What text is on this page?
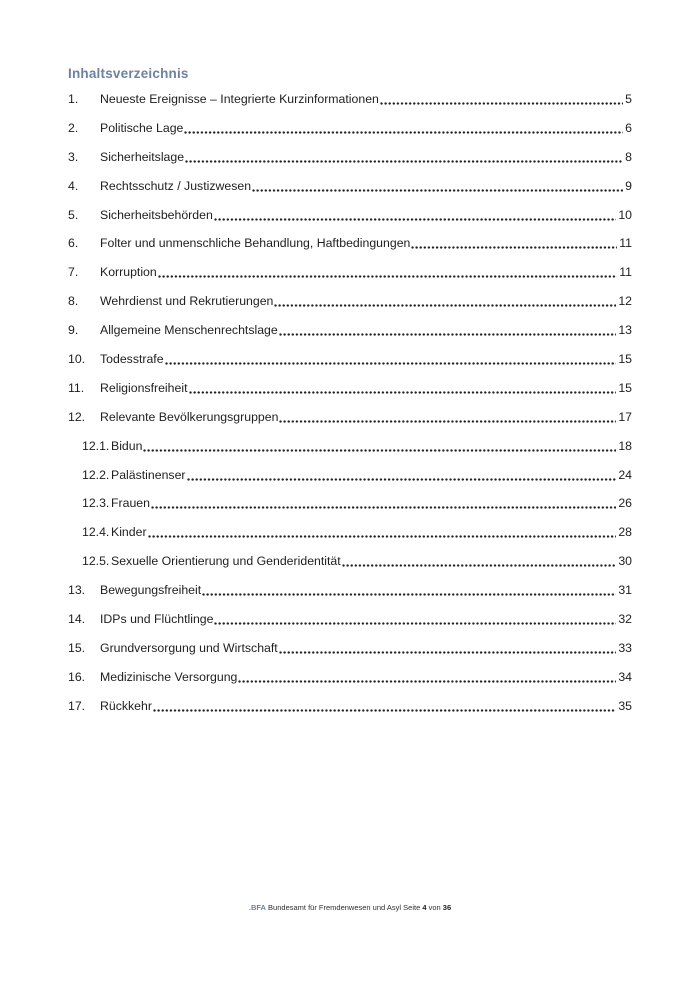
Inhaltsverzeichnis
1.	Neueste Ereignisse – Integrierte Kurzinformationen	5
2.	Politische Lage	6
3.	Sicherheitslage	8
4.	Rechtsschutz / Justizwesen	9
5.	Sicherheitsbehörden	10
6.	Folter und unmenschliche Behandlung, Haftbedingungen	11
7.	Korruption	11
8.	Wehrdienst und Rekrutierungen	12
9.	Allgemeine Menschenrechtslage	13
10.	Todesstrafe	15
11.	Religionsfreiheit	15
12.	Relevante Bevölkerungsgruppen	17
12.1. Bidun	18
12.2. Palästinenser	24
12.3. Frauen	26
12.4. Kinder	28
12.5. Sexuelle Orientierung und Genderidentität	30
13.	Bewegungsfreiheit	31
14.	IDPs und Flüchtlinge	32
15.	Grundversorgung und Wirtschaft	33
16.	Medizinische Versorgung	34
17.	Rückkehr	35
.BFA Bundesamt für Fremdenwesen und Asyl Seite 4 von 36
